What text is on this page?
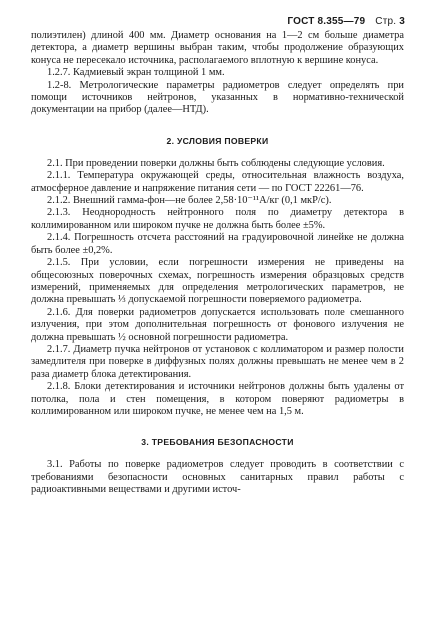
ГОСТ 8.355—79 Стр. 3

полиэтилен) длиной 400 мм. Диаметр основания на 1—2 см больше диаметра детектора, а диаметр вершины выбран таким, чтобы продолжение образующих конуса не пересекало источника, располагаемого вплотную к вершине конуса.

1.2.7. Кадмиевый экран толщиной 1 мм.

1.2-8. Метрологические параметры радиометров следует определять при помощи источников нейтронов, указанных в нормативно-технической документации на прибор (далее—НТД).

2. УСЛОВИЯ ПОВЕРКИ

2.1. При проведении поверки должны быть соблюдены следующие условия.

2.1.1. Температура окружающей среды, относительная влажность воздуха, атмосферное давление и напряжение питания сети — по ГОСТ 22261—76.

2.1.2. Внешний гамма-фон—не более 2,58·10⁻¹¹А/кг (0,1 мкР/с).

2.1.3. Неоднородность нейтронного поля по диаметру детектора в коллимированном или широком пучке не должна быть более ±5%.

2.1.4. Погрешность отсчета расстояний на градуировочной линейке не должна быть более ±0,2%.

2.1.5. При условии, если погрешности измерения не приведены на общесоюзных поверочных схемах, погрешность измерения образцовых средств измерений, применяемых для определения метрологических параметров, не должна превышать ⅓ допускаемой погрешности поверяемого радиометра.

2.1.6. Для поверки радиометров допускается использовать поле смешанного излучения, при этом дополнительная погрешность от фонового излучения не должна превышать ½ основной погрешности радиометра.

2.1.7. Диаметр пучка нейтронов от установок с коллиматором и размер полости замедлителя при поверке в диффузных полях должны превышать не менее чем в 2 раза диаметр блока детектирования.

2.1.8. Блоки детектирования и источники нейтронов должны быть удалены от потолка, пола и стен помещения, в котором поверяют радиометры в коллимированном или широком пучке, не менее чем на 1,5 м.

3. ТРЕБОВАНИЯ БЕЗОПАСНОСТИ

3.1. Работы по поверке радиометров следует проводить в соответствии с требованиями безопасности основных санитарных правил работы с радиоактивными веществами и другими источ-
